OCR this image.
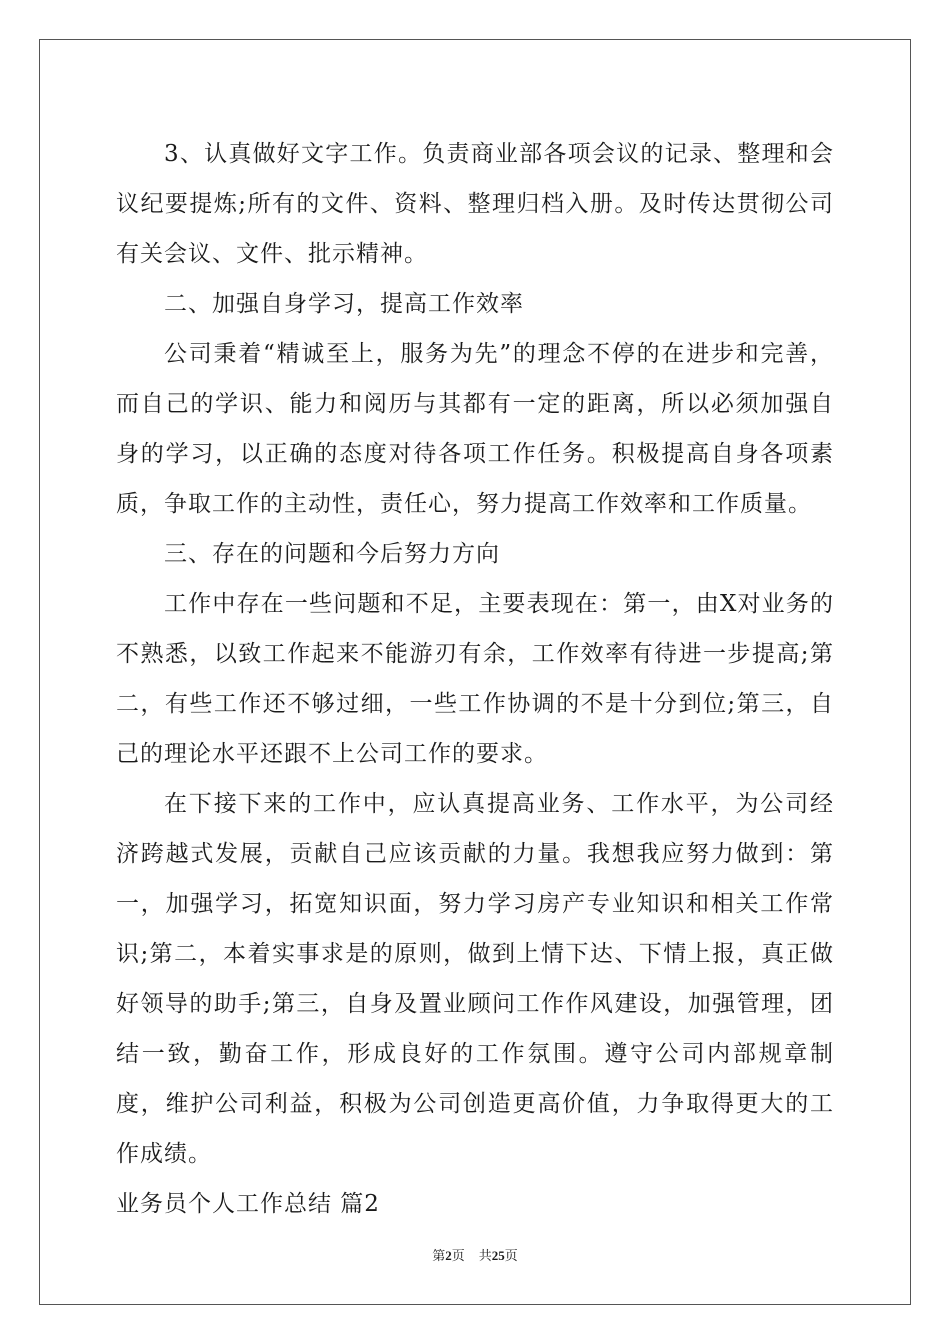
3、认真做好文字工作。负责商业部各项会议的记录、整理和会议纪要提炼;所有的文件、资料、整理归档入册。及时传达贯彻公司有关会议、文件、批示精神。

二、加强自身学习，提高工作效率

公司秉着“精诚至上，服务为先”的理念不停的在进步和完善，而自己的学识、能力和阅历与其都有一定的距离，所以必须加强自身的学习，以正确的态度对待各项工作任务。积极提高自身各项素质，争取工作的主动性，责任心，努力提高工作效率和工作质量。

三、存在的问题和今后努力方向

工作中存在一些问题和不足，主要表现在：第一，由X对业务的不熟悉，以致工作起来不能游刃有余，工作效率有待进一步提高;第二，有些工作还不够过细，一些工作协调的不是十分到位;第三，自己的理论水平还跟不上公司工作的要求。

在下接下来的工作中，应认真提高业务、工作水平，为公司经济跨越式发展，贡献自己应该贡献的力量。我想我应努力做到：第一，加强学习，拓宽知识面，努力学习房产专业知识和相关工作常识;第二，本着实事求是的原则，做到上情下达、下情上报，真正做好领导的助手;第三，自身及置业顾问工作作风建设，加强管理，团结一致，勤奋工作，形成良好的工作氛围。遵守公司内部规章制度，维护公司利益，积极为公司创造更高价值，力争取得更大的工作成绩。

业务员个人工作总结 篇2

第2页 共25页
